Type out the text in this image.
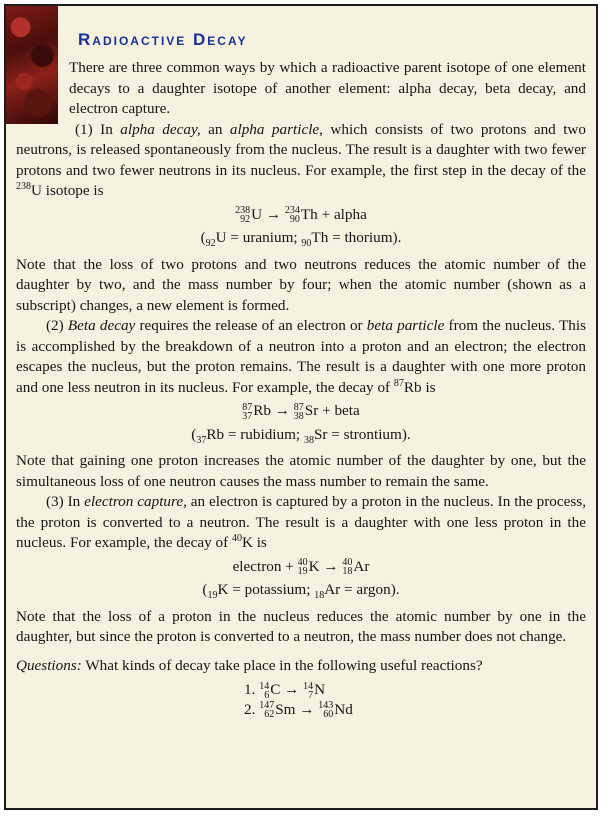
Radioactive Decay

There are three common ways by which a radioactive parent isotope of one element decays to a daughter isotope of another element: alpha decay, beta decay, and electron capture.

(1) In alpha decay, an alpha particle, which consists of two protons and two neutrons, is released spontaneously from the nucleus. The result is a daughter with two fewer protons and two fewer neutrons in its nucleus. For example, the first step in the decay of the $^{238}$U isotope is

238
92 U → 234
90 Th + alpha
($_{92}U$ = uranium; $_{90}$Th = thorium).

Note that the loss of two protons and two neutrons reduces the atomic number of the daughter by two, and the mass number by four; when the atomic number (shown as a subscript) changes, a new element is formed.

(2) Beta decay requires the release of an electron or beta particle from the nucleus. This is accomplished by the breakdown of a neutron into a proton and an electron; the electron escapes the nucleus, but the proton remains. The result is a daughter with one more proton and one less neutron in its nucleus. For example, the decay of $^{87}$Rb is

87
37 Rb → 87
38 Sr + beta
($_{37}Rb$ = rubidium; $_{38}$Sr = strontium).

Note that gaining one proton increases the atomic number of the daughter by one, but the simultaneous loss of one neutron causes the mass number to remain the same.

(3) In electron capture, an electron is captured by a proton in the nucleus. In the process, the proton is converted to a neutron. The result is a daughter with one less proton in the nucleus. For example, the decay of $^{40}$K is

electron + 40
19 K → 40
18 Ar
($_{19}K$ = potassium; $_{18}$Ar = argon).

Note that the loss of a proton in the nucleus reduces the atomic number by one in the daughter, but since the proton is converted to a neutron, the mass number does not change.

Questions: What kinds of decay take place in the following useful reactions?

1. 14
6 C → 14
7 N
2. 147
62 Sm → 143
60 Nd
